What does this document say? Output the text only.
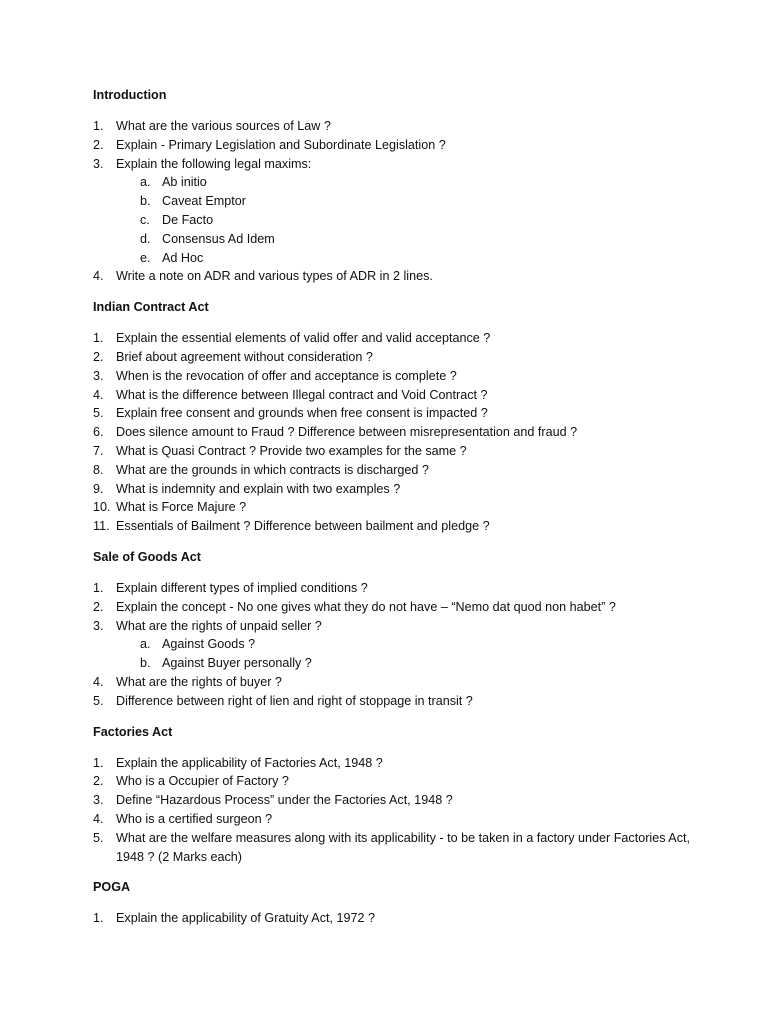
Introduction
1. What are the various sources of Law ?
2. Explain - Primary Legislation and Subordinate Legislation ?
3. Explain the following legal maxims:
a. Ab initio
b. Caveat Emptor
c. De Facto
d. Consensus Ad Idem
e. Ad Hoc
4. Write a note on ADR and various types of ADR in 2 lines.
Indian Contract Act
1. Explain the essential elements of valid offer and valid acceptance ?
2. Brief about agreement without consideration ?
3. When is the revocation of offer and acceptance is complete ?
4. What is the difference between Illegal contract and Void Contract ?
5. Explain free consent and grounds when free consent is impacted ?
6. Does silence amount to Fraud ? Difference between misrepresentation and fraud ?
7. What is Quasi Contract ? Provide two examples for the same ?
8. What are the grounds in which contracts is discharged ?
9. What is indemnity and explain with two examples ?
10. What is Force Majure ?
11. Essentials of Bailment ? Difference between bailment and pledge ?
Sale of Goods Act
1. Explain different types of implied conditions ?
2. Explain the concept - No one gives what they do not have – “Nemo dat quod non habet” ?
3. What are the rights of unpaid seller ?
a. Against Goods ?
b. Against Buyer personally ?
4. What are the rights of buyer ?
5. Difference between right of lien and right of stoppage in transit ?
Factories Act
1. Explain the applicability of Factories Act, 1948 ?
2. Who is a Occupier of Factory ?
3. Define “Hazardous Process” under the Factories Act, 1948 ?
4. Who is a certified surgeon ?
5. What are the welfare measures along with its applicability - to be taken in a factory under Factories Act, 1948 ? (2 Marks each)
POGA
1. Explain the applicability of Gratuity Act, 1972 ?
